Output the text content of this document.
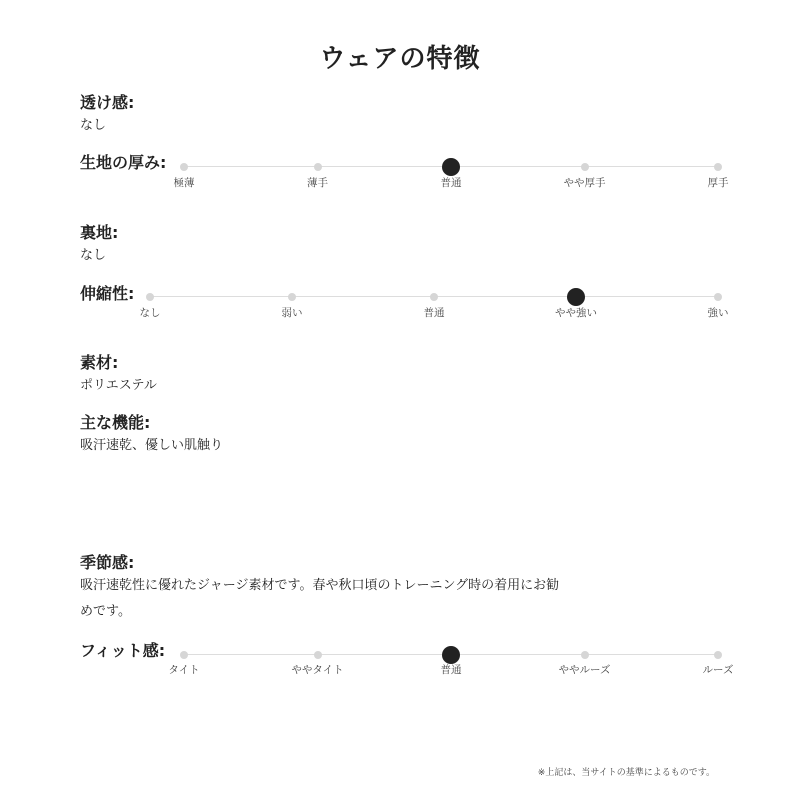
ウェアの特徴
透け感:
なし
生地の厚み:
極薄	薄手	普通	やや厚手	厚手
裏地:
なし
伸縮性:
なし	弱い	普通	やや強い	強い
素材:
ポリエステル
主な機能:
吸汗速乾、優しい肌触り
季節感:
吸汗速乾性に優れたジャージ素材です。春や秋口頃のトレーニング時の着用にお勧
めです。
フィット感:
タイト	ややタイト	普通	ややルーズ	ルーズ
※上記は、当サイトの基準によるものです。
